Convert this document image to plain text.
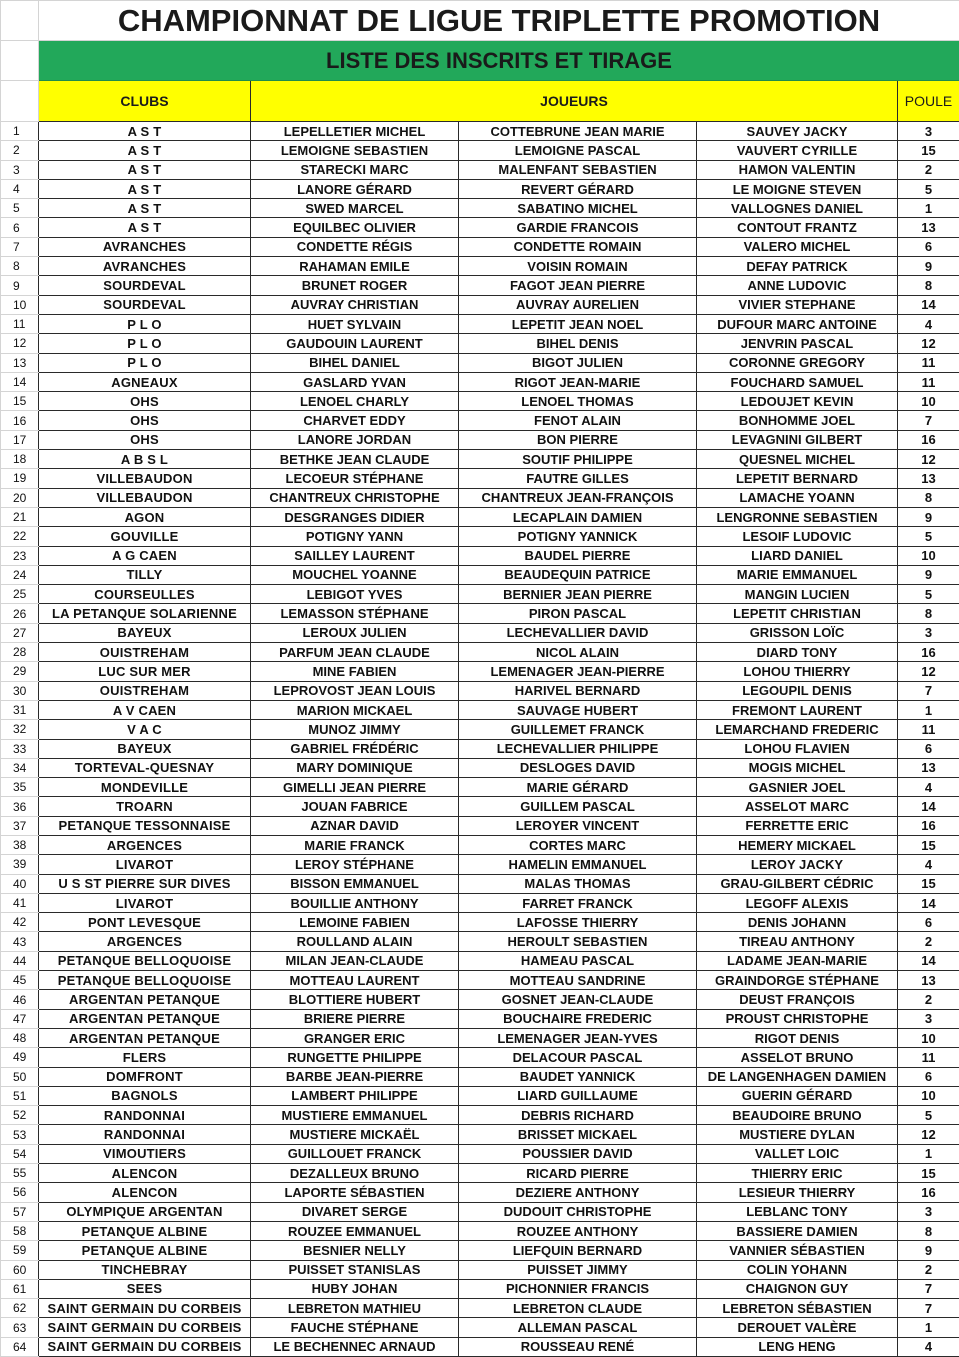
	CHAMPIONNAT DE LIGUE TRIPLETTE PROMOTION				
	LISTE DES INSCRITS ET TIRAGE				
	CLUBS	JOUEURS			POULE
1	A S T	LEPELLETIER MICHEL	COTTEBRUNE JEAN MARIE	SAUVEY JACKY	3
2	A S T	LEMOIGNE SEBASTIEN	LEMOIGNE PASCAL	VAUVERT CYRILLE	15
3	A S T	STARECKI MARC	MALENFANT SEBASTIEN	HAMON VALENTIN	2
4	A S T	LANORE GÉRARD	REVERT GÉRARD	LE MOIGNE STEVEN	5
5	A S T	SWED MARCEL	SABATINO MICHEL	VALLOGNES DANIEL	1
6	A S T	EQUILBEC OLIVIER	GARDIE FRANCOIS	CONTOUT FRANTZ	13
7	AVRANCHES	CONDETTE RÉGIS	CONDETTE ROMAIN	VALERO MICHEL	6
8	AVRANCHES	RAHAMAN EMILE	VOISIN ROMAIN	DEFAY PATRICK	9
9	SOURDEVAL	BRUNET ROGER	FAGOT JEAN PIERRE	ANNE LUDOVIC	8
10	SOURDEVAL	AUVRAY CHRISTIAN	AUVRAY AURELIEN	VIVIER STEPHANE	14
11	P L O	HUET SYLVAIN	LEPETIT JEAN NOEL	DUFOUR MARC ANTOINE	4
12	P L O	GAUDOUIN LAURENT	BIHEL DENIS	JENVRIN PASCAL	12
13	P L O	BIHEL DANIEL	BIGOT JULIEN	CORONNE GREGORY	11
14	AGNEAUX	GASLARD YVAN	RIGOT JEAN-MARIE	FOUCHARD SAMUEL	11
15	OHS	LENOEL CHARLY	LENOEL THOMAS	LEDOUJET KEVIN	10
16	OHS	CHARVET EDDY	FENOT ALAIN	BONHOMME JOEL	7
17	OHS	LANORE JORDAN	BON PIERRE	LEVAGNINI GILBERT	16
18	A B S L	BETHKE JEAN CLAUDE	SOUTIF PHILIPPE	QUESNEL MICHEL	12
19	VILLEBAUDON	LECOEUR STÉPHANE	FAUTRE GILLES	LEPETIT BERNARD	13
20	VILLEBAUDON	CHANTREUX CHRISTOPHE	CHANTREUX JEAN-FRANÇOIS	LAMACHE YOANN	8
21	AGON	DESGRANGES DIDIER	LECAPLAIN DAMIEN	LENGRONNE SEBASTIEN	9
22	GOUVILLE	POTIGNY YANN	POTIGNY YANNICK	LESOIF LUDOVIC	5
23	A G CAEN	SAILLEY LAURENT	BAUDEL PIERRE	LIARD DANIEL	10
24	TILLY	MOUCHEL YOANNE	BEAUDEQUIN PATRICE	MARIE EMMANUEL	9
25	COURSEULLES	LEBIGOT YVES	BERNIER JEAN PIERRE	MANGIN LUCIEN	5
26	LA PETANQUE SOLARIENNE	LEMASSON STÉPHANE	PIRON PASCAL	LEPETIT CHRISTIAN	8
27	BAYEUX	LEROUX JULIEN	LECHEVALLIER DAVID	GRISSON LOÏC	3
28	OUISTREHAM	PARFUM JEAN CLAUDE	NICOL ALAIN	DIARD TONY	16
29	LUC SUR MER	MINE FABIEN	LEMENAGER JEAN-PIERRE	LOHOU THIERRY	12
30	OUISTREHAM	LEPROVOST JEAN LOUIS	HARIVEL BERNARD	LEGOUPIL DENIS	7
31	A V CAEN	MARION MICKAEL	SAUVAGE HUBERT	FREMONT LAURENT	1
32	V A C	MUNOZ JIMMY	GUILLEMET FRANCK	LEMARCHAND FREDERIC	11
33	BAYEUX	GABRIEL FRÉDÉRIC	LECHEVALLIER PHILIPPE	LOHOU FLAVIEN	6
34	TORTEVAL-QUESNAY	MARY DOMINIQUE	DESLOGES DAVID	MOGIS MICHEL	13
35	MONDEVILLE	GIMELLI JEAN PIERRE	MARIE GÉRARD	GASNIER JOEL	4
36	TROARN	JOUAN FABRICE	GUILLEM PASCAL	ASSELOT MARC	14
37	PETANQUE TESSONNAISE	AZNAR DAVID	LEROYER VINCENT	FERRETTE ERIC	16
38	ARGENCES	MARIE FRANCK	CORTES MARC	HEMERY MICKAEL	15
39	LIVAROT	LEROY STÉPHANE	HAMELIN EMMANUEL	LEROY JACKY	4
40	U S ST PIERRE SUR DIVES	BISSON EMMANUEL	MALAS THOMAS	GRAU-GILBERT CÉDRIC	15
41	LIVAROT	BOUILLIE ANTHONY	FARRET FRANCK	LEGOFF ALEXIS	14
42	PONT LEVESQUE	LEMOINE FABIEN	LAFOSSE THIERRY	DENIS JOHANN	6
43	ARGENCES	ROULLAND ALAIN	HEROULT SEBASTIEN	TIREAU ANTHONY	2
44	PETANQUE BELLOQUOISE	MILAN JEAN-CLAUDE	HAMEAU PASCAL	LADAME JEAN-MARIE	14
45	PETANQUE BELLOQUOISE	MOTTEAU LAURENT	MOTTEAU SANDRINE	GRAINDORGE STÉPHANE	13
46	ARGENTAN PETANQUE	BLOTTIERE HUBERT	GOSNET JEAN-CLAUDE	DEUST FRANÇOIS	2
47	ARGENTAN PETANQUE	BRIERE PIERRE	BOUCHAIRE FREDERIC	PROUST CHRISTOPHE	3
48	ARGENTAN PETANQUE	GRANGER ERIC	LEMENAGER JEAN-YVES	RIGOT DENIS	10
49	FLERS	RUNGETTE PHILIPPE	DELACOUR PASCAL	ASSELOT BRUNO	11
50	DOMFRONT	BARBE JEAN-PIERRE	BAUDET YANNICK	DE LANGENHAGEN DAMIEN	6
51	BAGNOLS	LAMBERT PHILIPPE	LIARD GUILLAUME	GUERIN GÉRARD	10
52	RANDONNAI	MUSTIERE EMMANUEL	DEBRIS RICHARD	BEAUDOIRE BRUNO	5
53	RANDONNAI	MUSTIERE MICKAËL	BRISSET MICKAEL	MUSTIERE DYLAN	12
54	VIMOUTIERS	GUILLOUET FRANCK	POUSSIER DAVID	VALLET LOIC	1
55	ALENCON	DEZALLEUX BRUNO	RICARD PIERRE	THIERRY ERIC	15
56	ALENCON	LAPORTE SÉBASTIEN	DEZIERE ANTHONY	LESIEUR THIERRY	16
57	OLYMPIQUE ARGENTAN	DIVARET SERGE	DUDOUIT CHRISTOPHE	LEBLANC TONY	3
58	PETANQUE ALBINE	ROUZEE EMMANUEL	ROUZEE ANTHONY	BASSIERE DAMIEN	8
59	PETANQUE ALBINE	BESNIER NELLY	LIEFQUIN BERNARD	VANNIER SÉBASTIEN	9
60	TINCHEBRAY	PUISSET STANISLAS	PUISSET JIMMY	COLIN YOHANN	2
61	SEES	HUBY JOHAN	PICHONNIER FRANCIS	CHAIGNON GUY	7
62	SAINT GERMAIN DU CORBEIS	LEBRETON MATHIEU	LEBRETON CLAUDE	LEBRETON SÉBASTIEN	7
63	SAINT GERMAIN DU CORBEIS	FAUCHE STÉPHANE	ALLEMAN PASCAL	DEROUET VALÈRE	1
64	SAINT GERMAIN DU CORBEIS	LE BECHENNEC ARNAUD	ROUSSEAU RENÉ	LENG HENG	4
